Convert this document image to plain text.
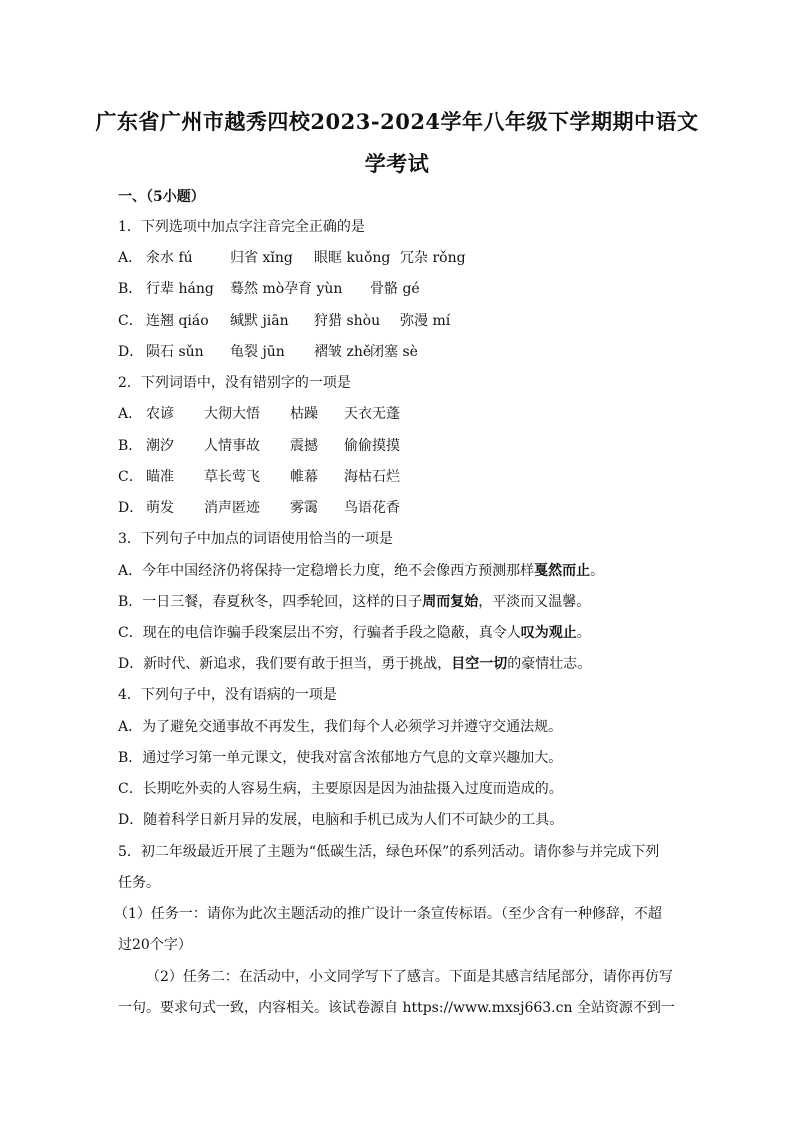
广东省广州市越秀四校2023-2024学年八年级下学期期中语文
学考试
一、（5小题）
1．下列选项中加点字注音完全正确的是
A． 氽水 fú	归省 xǐng 眼眶 kuǒng 冗杂 rǒng
B． 行辈 háng 蓦然 mò 孕育 yùn 骨骼 gé
C． 连翘 qiáo 缄默 jiān 狩猎 shòu 弥漫 mí
D． 陨石 sǔn 龟裂 jūn 褶皱 zhě
闭塞 sè
2．下列词语中，没有错别字的一项是
A． 农谚 大彻大悟 枯躁 天衣无蓬
B． 潮汐 人情事故 震撼 偷偷摸摸
C． 瞄准 草长莺飞 帷幕 海枯石烂
D． 萌发 消声匿迹 雾霭 鸟语花香
3．下列句子中加点的词语使用恰当的一项是
A．今年中国经济仍将保持一定稳增长力度，绝不会像西方预测那样戛然而止。
B．一日三餐，春夏秋冬，四季轮回，这样的日子周而复始，平淡而又温馨。
C．现在的电信诈骗手段案层出不穷，行骗者手段之隐蔽，真令人叹为观止。
D．新时代、新追求，我们要有敢于担当，勇于挑战，目空一切的豪情壮志。
4．下列句子中，没有语病的一项是
A．为了避免交通事故不再发生，我们每个人必须学习并遵守交通法规。
B．通过学习第一单元课文，使我对富含浓郁地方气息的文章兴趣加大。
C．长期吃外卖的人容易生病，主要原因是因为油盐摄入过度而造成的。
D．随着科学日新月异的发展，电脑和手机已成为人们不可缺少的工具。
5．初二年级最近开展了主题为“低碳生活，绿色环保”的系列活动。请你参与并完成下列
任务。
（1）任务一：请你为此次主题活动的推广设计一条宣传标语。（至少含有一种修辞，不超
过20个字）
（2）任务二：在活动中，小文同学写下了感言。下面是其感言结尾部分，请你再仿写
一句。要求句式一致，内容相关。该试卷源自 https://www.mxsj663.cn 全站资源不到一
